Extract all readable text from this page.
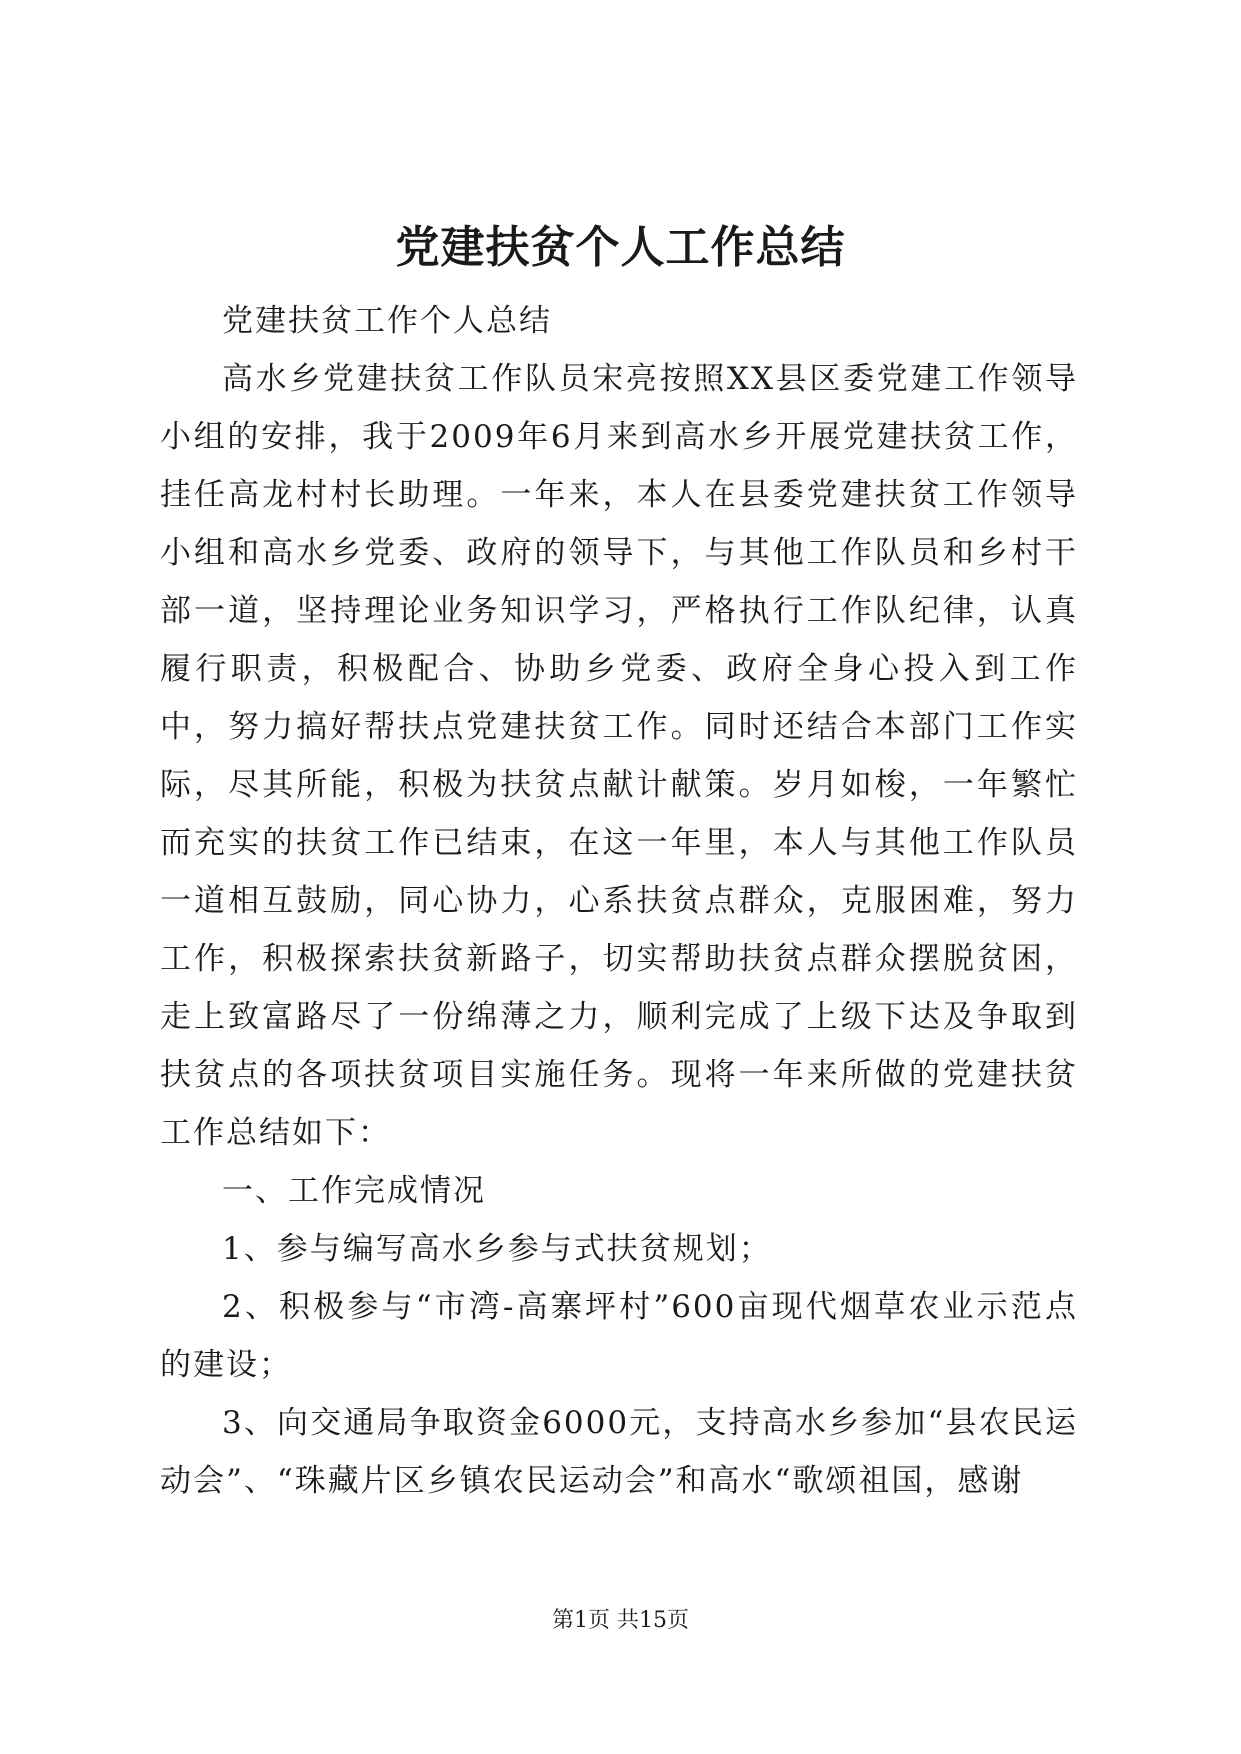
党建扶贫个人工作总结

党建扶贫工作个人总结

高水乡党建扶贫工作队员宋亮按照XX县区委党建工作领导小组的安排，我于2009年6月来到高水乡开展党建扶贫工作，挂任高龙村村长助理。一年来，本人在县委党建扶贫工作领导小组和高水乡党委、政府的领导下，与其他工作队员和乡村干部一道，坚持理论业务知识学习，严格执行工作队纪律，认真履行职责，积极配合、协助乡党委、政府全身心投入到工作中，努力搞好帮扶点党建扶贫工作。同时还结合本部门工作实际，尽其所能，积极为扶贫点献计献策。岁月如梭，一年繁忙而充实的扶贫工作已结束，在这一年里，本人与其他工作队员一道相互鼓励，同心协力，心系扶贫点群众，克服困难，努力工作，积极探索扶贫新路子，切实帮助扶贫点群众摆脱贫困，走上致富路尽了一份绵薄之力，顺利完成了上级下达及争取到扶贫点的各项扶贫项目实施任务。现将一年来所做的党建扶贫工作总结如下：

一、工作完成情况

1、参与编写高水乡参与式扶贫规划；

2、积极参与“市湾-高寨坪村”600亩现代烟草农业示范点的建设；

3、向交通局争取资金6000元，支持高水乡参加“县农民运动会”、“珠藏片区乡镇农民运动会”和高水“歌颂祖国，感谢

第1页 共15页
